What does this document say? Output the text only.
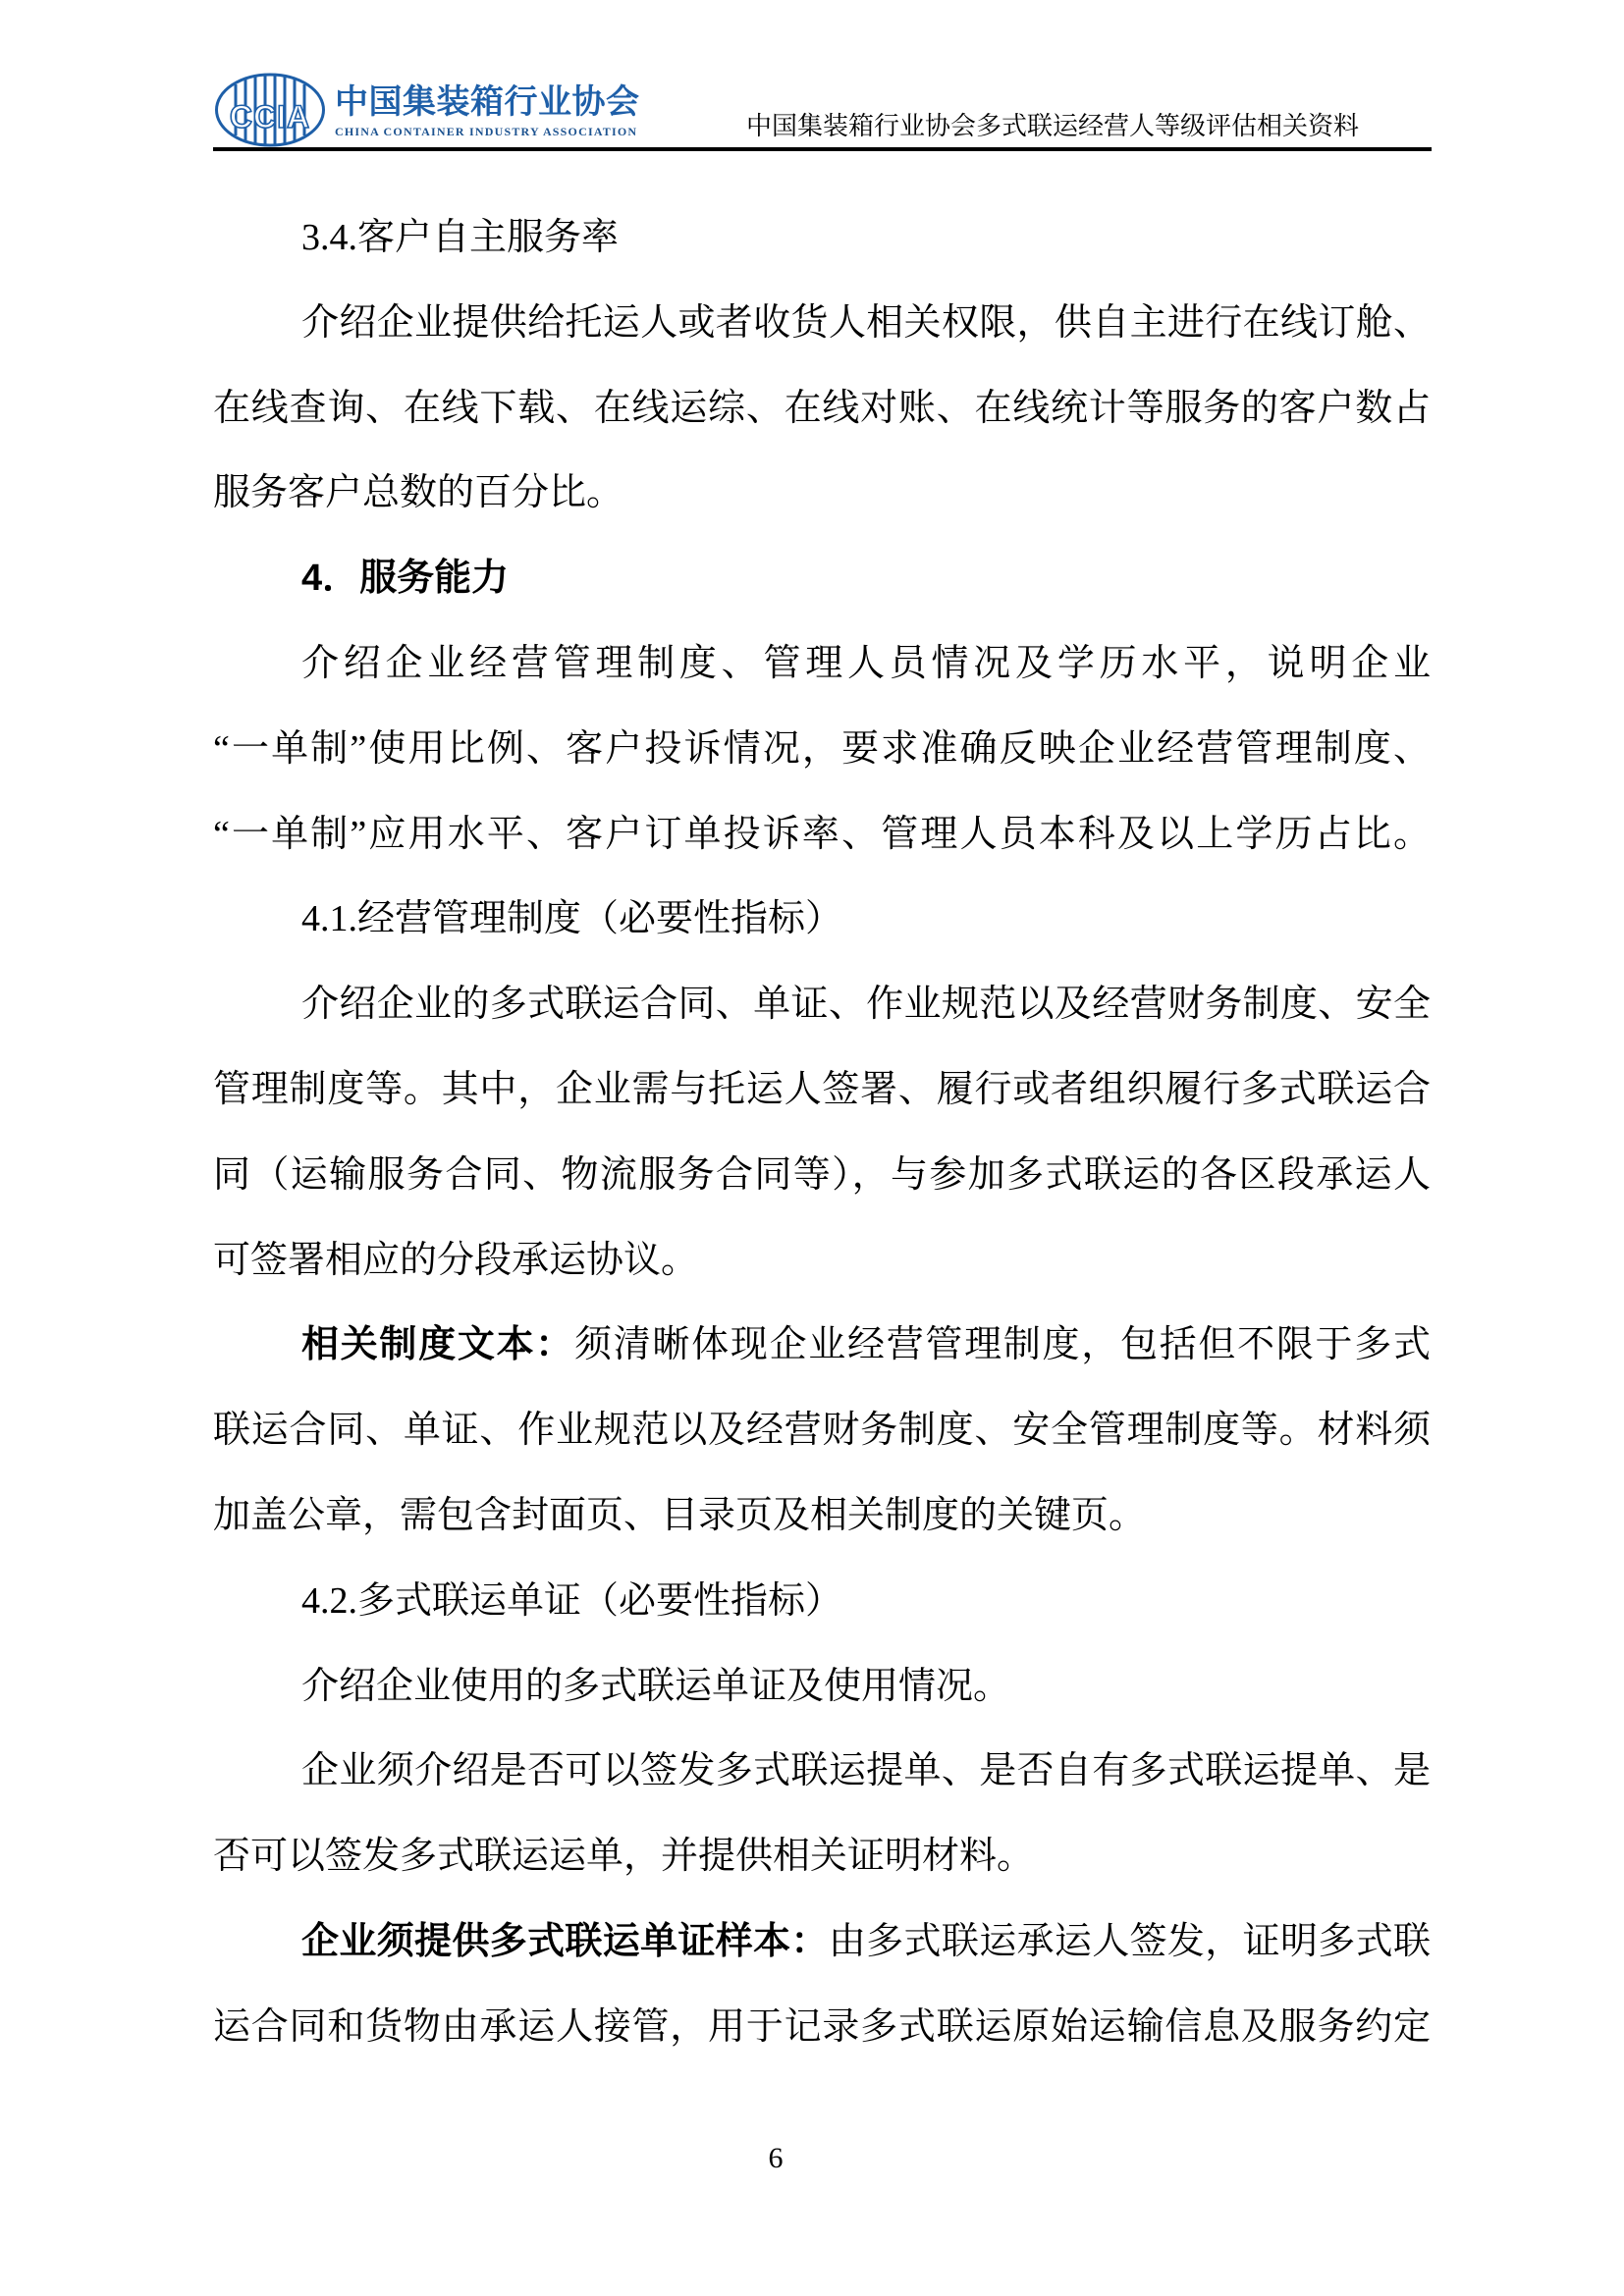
CCIA 中国集装箱行业协会
CHINA CONTAINER INDUSTRY ASSOCIATION	中国集装箱行业协会多式联运经营人等级评估相关资料
3.4.客户自主服务率
介绍企业提供给托运人或者收货人相关权限，供自主进行在线订舱、
在线查询、在线下载、在线运综、在线对账、在线统计等服务的客户数占
服务客户总数的百分比。
4．服务能力
介绍企业经营管理制度、管理人员情况及学历水平，说明企业
“一单制”使用比例、客户投诉情况，要求准确反映企业经营管理制度、
“一单制”应用水平、客户订单投诉率、管理人员本科及以上学历占比。
4.1.经营管理制度（必要性指标）
介绍企业的多式联运合同、单证、作业规范以及经营财务制度、安全
管理制度等。其中，企业需与托运人签署、履行或者组织履行多式联运合
同（运输服务合同、物流服务合同等），与参加多式联运的各区段承运人
可签署相应的分段承运协议。
相关制度文本：须清晰体现企业经营管理制度，包括但不限于多式
联运合同、单证、作业规范以及经营财务制度、安全管理制度等。材料须
加盖公章，需包含封面页、目录页及相关制度的关键页。
4.2.多式联运单证（必要性指标）
介绍企业使用的多式联运单证及使用情况。
企业须介绍是否可以签发多式联运提单、是否自有多式联运提单、是
否可以签发多式联运运单，并提供相关证明材料。
企业须提供多式联运单证样本：由多式联运承运人签发，证明多式联
运合同和货物由承运人接管，用于记录多式联运原始运输信息及服务约定
6
